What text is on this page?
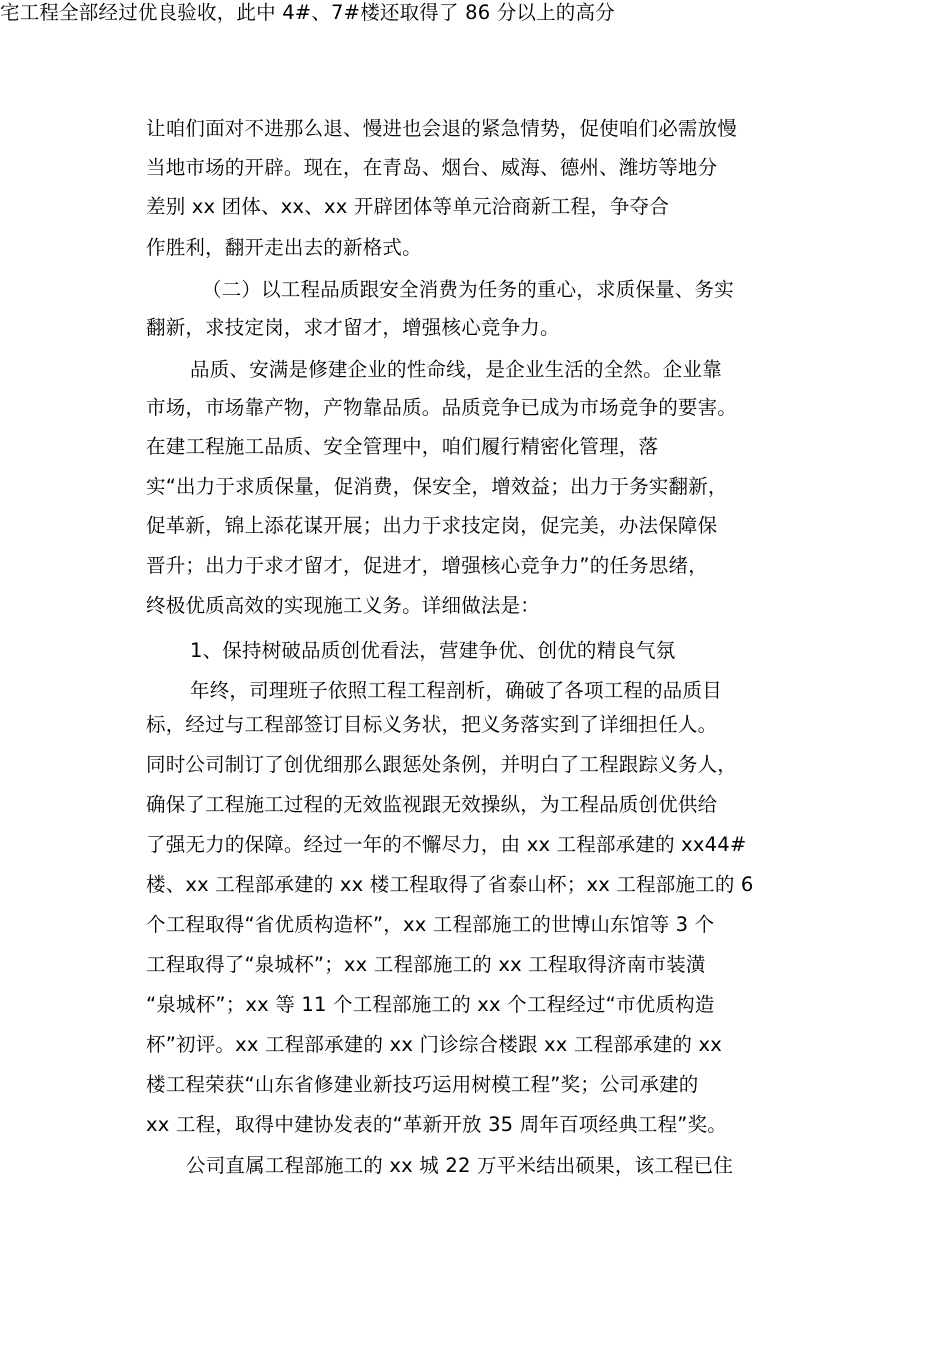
宅工程全部经过优良验收，此中 4#、7#楼还取得了 86 分以上的高分
让咱们面对不进那么退、慢进也会退的紧急情势，促使咱们必需放慢
当地市场的开辟。现在，在青岛、烟台、威海、德州、潍坊等地分
差别 xx 团体、xx、xx 开辟团体等单元洽商新工程，争夺合
作胜利，翻开走出去的新格式。
（二）以工程品质跟安全消费为任务的重心，求质保量、务实
翻新，求技定岗，求才留才，增强核心竞争力。
品质、安满是修建企业的性命线，是企业生活的全然。企业靠
市场，市场靠产物，产物靠品质。品质竞争已成为市场竞争的要害。
在建工程施工品质、安全管理中，咱们履行精密化管理，落
实“出力于求质保量，促消费，保安全，增效益；出力于务实翻新，
促革新，锦上添花谋开展；出力于求技定岗，促完美，办法保障保
晋升；出力于求才留才，促进才，增强核心竞争力”的任务思绪，
终极优质高效的实现施工义务。详细做法是：
1、保持树破品质创优看法，营建争优、创优的精良气氛
年终，司理班子依照工程工程剖析，确破了各项工程的品质目
标，经过与工程部签订目标义务状，把义务落实到了详细担任人。
同时公司制订了创优细那么跟惩处条例，并明白了工程跟踪义务人，
确保了工程施工过程的无效监视跟无效操纵，为工程品质创优供给
了强无力的保障。经过一年的不懈尽力，由 xx 工程部承建的 xx44#
楼、xx 工程部承建的 xx 楼工程取得了省泰山杯；xx 工程部施工的 6
个工程取得“省优质构造杯”，xx 工程部施工的世博山东馆等 3 个
工程取得了“泉城杯”；xx 工程部施工的 xx 工程取得济南市装潢
“泉城杯”；xx 等 11 个工程部施工的 xx 个工程经过“市优质构造
杯”初评。xx 工程部承建的 xx 门诊综合楼跟 xx 工程部承建的 xx
楼工程荣获“山东省修建业新技巧运用树模工程”奖；公司承建的
xx 工程，取得中建协发表的“革新开放 35 周年百项经典工程”奖。
公司直属工程部施工的 xx 城 22 万平米结出硕果，该工程已住
